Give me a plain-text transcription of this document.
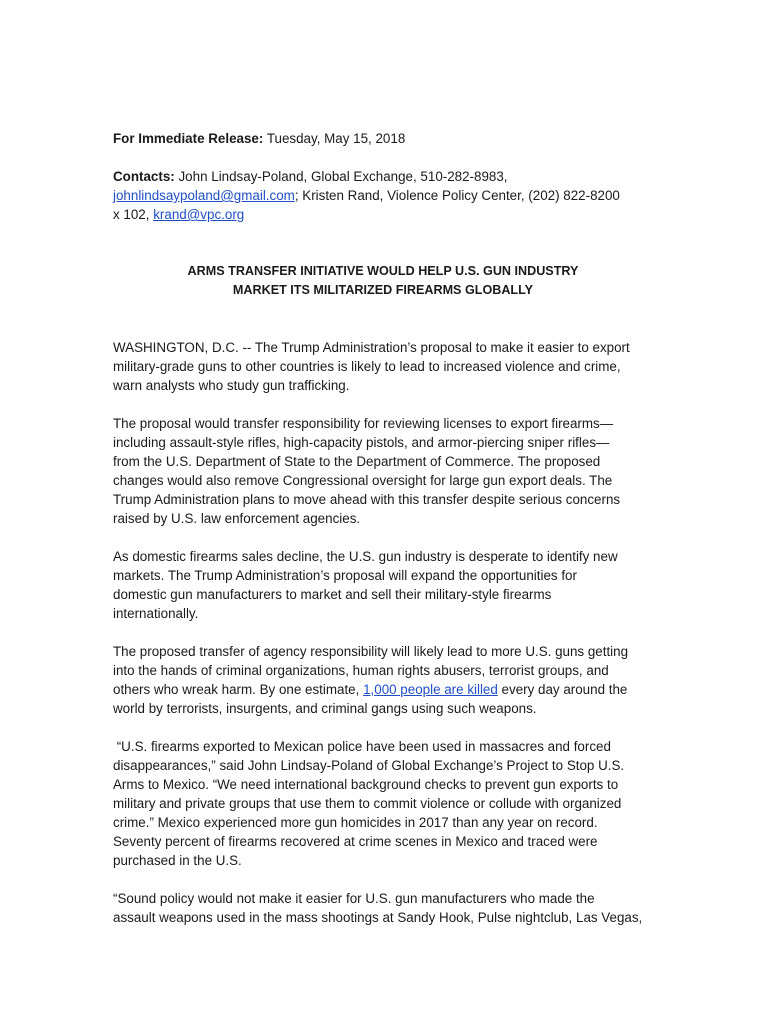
For Immediate Release: Tuesday, May 15, 2018
Contacts: John Lindsay-Poland, Global Exchange, 510-282-8983,
johnlindsaypoland@gmail.com; Kristen Rand, Violence Policy Center, (202) 822-8200
x 102, krand@vpc.org
ARMS TRANSFER INITIATIVE WOULD HELP U.S. GUN INDUSTRY
MARKET ITS MILITARIZED FIREARMS GLOBALLY
WASHINGTON, D.C. -- The Trump Administration’s proposal to make it easier to export
military-grade guns to other countries is likely to lead to increased violence and crime,
warn analysts who study gun trafficking.
The proposal would transfer responsibility for reviewing licenses to export firearms—
including assault-style rifles, high-capacity pistols, and armor-piercing sniper rifles—
from the U.S. Department of State to the Department of Commerce. The proposed
changes would also remove Congressional oversight for large gun export deals. The
Trump Administration plans to move ahead with this transfer despite serious concerns
raised by U.S. law enforcement agencies.
As domestic firearms sales decline, the U.S. gun industry is desperate to identify new
markets. The Trump Administration’s proposal will expand the opportunities for
domestic gun manufacturers to market and sell their military-style firearms
internationally.
The proposed transfer of agency responsibility will likely lead to more U.S. guns getting
into the hands of criminal organizations, human rights abusers, terrorist groups, and
others who wreak harm. By one estimate, 1,000 people are killed every day around the
world by terrorists, insurgents, and criminal gangs using such weapons.
“U.S. firearms exported to Mexican police have been used in massacres and forced
disappearances,” said John Lindsay-Poland of Global Exchange’s Project to Stop U.S.
Arms to Mexico. “We need international background checks to prevent gun exports to
military and private groups that use them to commit violence or collude with organized
crime.” Mexico experienced more gun homicides in 2017 than any year on record.
Seventy percent of firearms recovered at crime scenes in Mexico and traced were
purchased in the U.S.
“Sound policy would not make it easier for U.S. gun manufacturers who made the
assault weapons used in the mass shootings at Sandy Hook, Pulse nightclub, Las Vegas,
